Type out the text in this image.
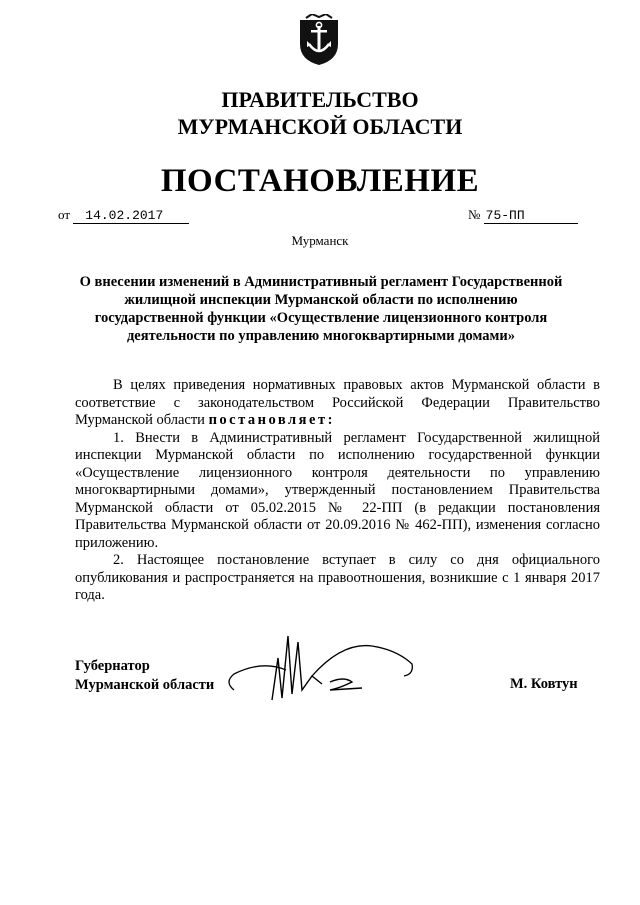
ПРАВИТЕЛЬСТВО
МУРМАНСКОЙ ОБЛАСТИ
ПОСТАНОВЛЕНИЕ
от 14.02.2017	№ 75-ПП
Мурманск
О внесении изменений в Административный регламент Государственной жилищной инспекции Мурманской области по исполнению государственной функции «Осуществление лицензионного контроля деятельности по управлению многоквартирными домами»

В целях приведения нормативных правовых актов Мурманской области в соответствие с законодательством Российской Федерации Правительство Мурманской области постановляет:

1. Внести в Административный регламент Государственной жилищной инспекции Мурманской области по исполнению государственной функции «Осуществление лицензионного контроля деятельности по управлению многоквартирными домами», утвержденный постановлением Правительства Мурманской области от 05.02.2015 № 22-ПП (в редакции постановления Правительства Мурманской области от 20.09.2016 № 462-ПП), изменения согласно приложению.

2. Настоящее постановление вступает в силу со дня официального опубликования и распространяется на правоотношения, возникшие с 1 января 2017 года.

Губернатор
Мурманской области	М. Ковтун
